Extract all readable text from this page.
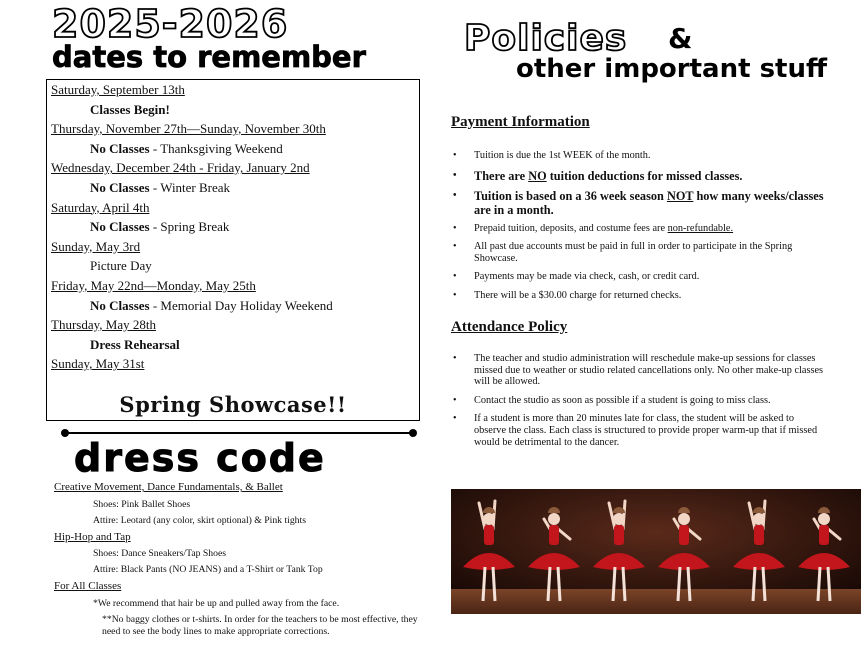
2025-2026
dates to remember
Saturday, September 13th
Classes Begin!
Thursday, November 27th—Sunday, November 30th
No Classes - Thanksgiving Weekend
Wednesday, December 24th - Friday, January 2nd
No Classes - Winter Break
Saturday, April 4th
No Classes - Spring Break
Sunday, May 3rd
Picture Day
Friday, May 22nd—Monday, May 25th
No Classes - Memorial Day Holiday Weekend
Thursday, May 28th
Dress Rehearsal
Sunday, May 31st
Spring Showcase!!
dress code
Creative Movement, Dance Fundamentals, & Ballet
Shoes: Pink Ballet Shoes
Attire: Leotard (any color, skirt optional) & Pink tights
Hip-Hop and Tap
Shoes: Dance Sneakers/Tap Shoes
Attire: Black Pants (NO JEANS) and a T-Shirt or Tank Top
For All Classes
*We recommend that hair be up and pulled away from the face.
**No baggy clothes or t-shirts. In order for the teachers to be most effective, they need to see the body lines to make appropriate corrections.
Policies &
other important stuff
Payment Information
• Tuition is due the 1st WEEK of the month.
• There are NO tuition deductions for missed classes.
• Tuition is based on a 36 week season NOT how many weeks/classes are in a month.
• Prepaid tuition, deposits, and costume fees are non-refundable.
• All past due accounts must be paid in full in order to participate in the Spring Showcase.
• Payments may be made via check, cash, or credit card.
• There will be a $30.00 charge for returned checks.
Attendance Policy
• The teacher and studio administration will reschedule make-up sessions for classes missed due to weather or studio related cancellations only. No other make-up classes will be allowed.
• Contact the studio as soon as possible if a student is going to miss class.
• If a student is more than 20 minutes late for class, the student will be asked to observe the class. Each class is structured to provide proper warm-up that if missed would be detrimental to the dancer.
